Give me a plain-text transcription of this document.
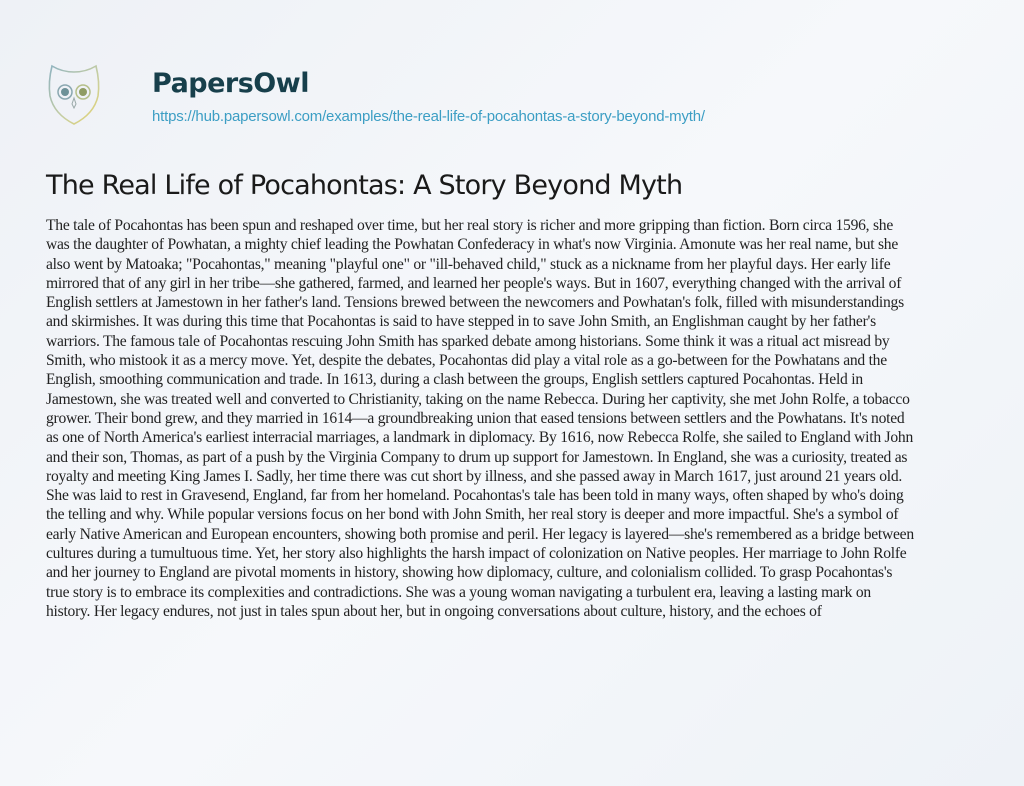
PapersOwl
https://hub.papersowl.com/examples/the-real-life-of-pocahontas-a-story-beyond-myth/
The Real Life of Pocahontas: A Story Beyond Myth
The tale of Pocahontas has been spun and reshaped over time, but her real story is richer and more gripping than fiction. Born circa 1596, she
was the daughter of Powhatan, a mighty chief leading the Powhatan Confederacy in what's now Virginia. Amonute was her real name, but she
also went by Matoaka; "Pocahontas," meaning "playful one" or "ill-behaved child," stuck as a nickname from her playful days. Her early life
mirrored that of any girl in her tribe—she gathered, farmed, and learned her people's ways. But in 1607, everything changed with the arrival of
English settlers at Jamestown in her father's land. Tensions brewed between the newcomers and Powhatan's folk, filled with misunderstandings
and skirmishes. It was during this time that Pocahontas is said to have stepped in to save John Smith, an Englishman caught by her father's
warriors. The famous tale of Pocahontas rescuing John Smith has sparked debate among historians. Some think it was a ritual act misread by
Smith, who mistook it as a mercy move. Yet, despite the debates, Pocahontas did play a vital role as a go-between for the Powhatans and the
English, smoothing communication and trade. In 1613, during a clash between the groups, English settlers captured Pocahontas. Held in
Jamestown, she was treated well and converted to Christianity, taking on the name Rebecca. During her captivity, she met John Rolfe, a tobacco
grower. Their bond grew, and they married in 1614—a groundbreaking union that eased tensions between settlers and the Powhatans. It's noted
as one of North America's earliest interracial marriages, a landmark in diplomacy. By 1616, now Rebecca Rolfe, she sailed to England with John
and their son, Thomas, as part of a push by the Virginia Company to drum up support for Jamestown. In England, she was a curiosity, treated as
royalty and meeting King James I. Sadly, her time there was cut short by illness, and she passed away in March 1617, just around 21 years old.
She was laid to rest in Gravesend, England, far from her homeland. Pocahontas's tale has been told in many ways, often shaped by who's doing
the telling and why. While popular versions focus on her bond with John Smith, her real story is deeper and more impactful. She's a symbol of
early Native American and European encounters, showing both promise and peril. Her legacy is layered—she's remembered as a bridge between
cultures during a tumultuous time. Yet, her story also highlights the harsh impact of colonization on Native peoples. Her marriage to John Rolfe
and her journey to England are pivotal moments in history, showing how diplomacy, culture, and colonialism collided. To grasp Pocahontas's
true story is to embrace its complexities and contradictions. She was a young woman navigating a turbulent era, leaving a lasting mark on
history. Her legacy endures, not just in tales spun about her, but in ongoing conversations about culture, history, and the echoes of
